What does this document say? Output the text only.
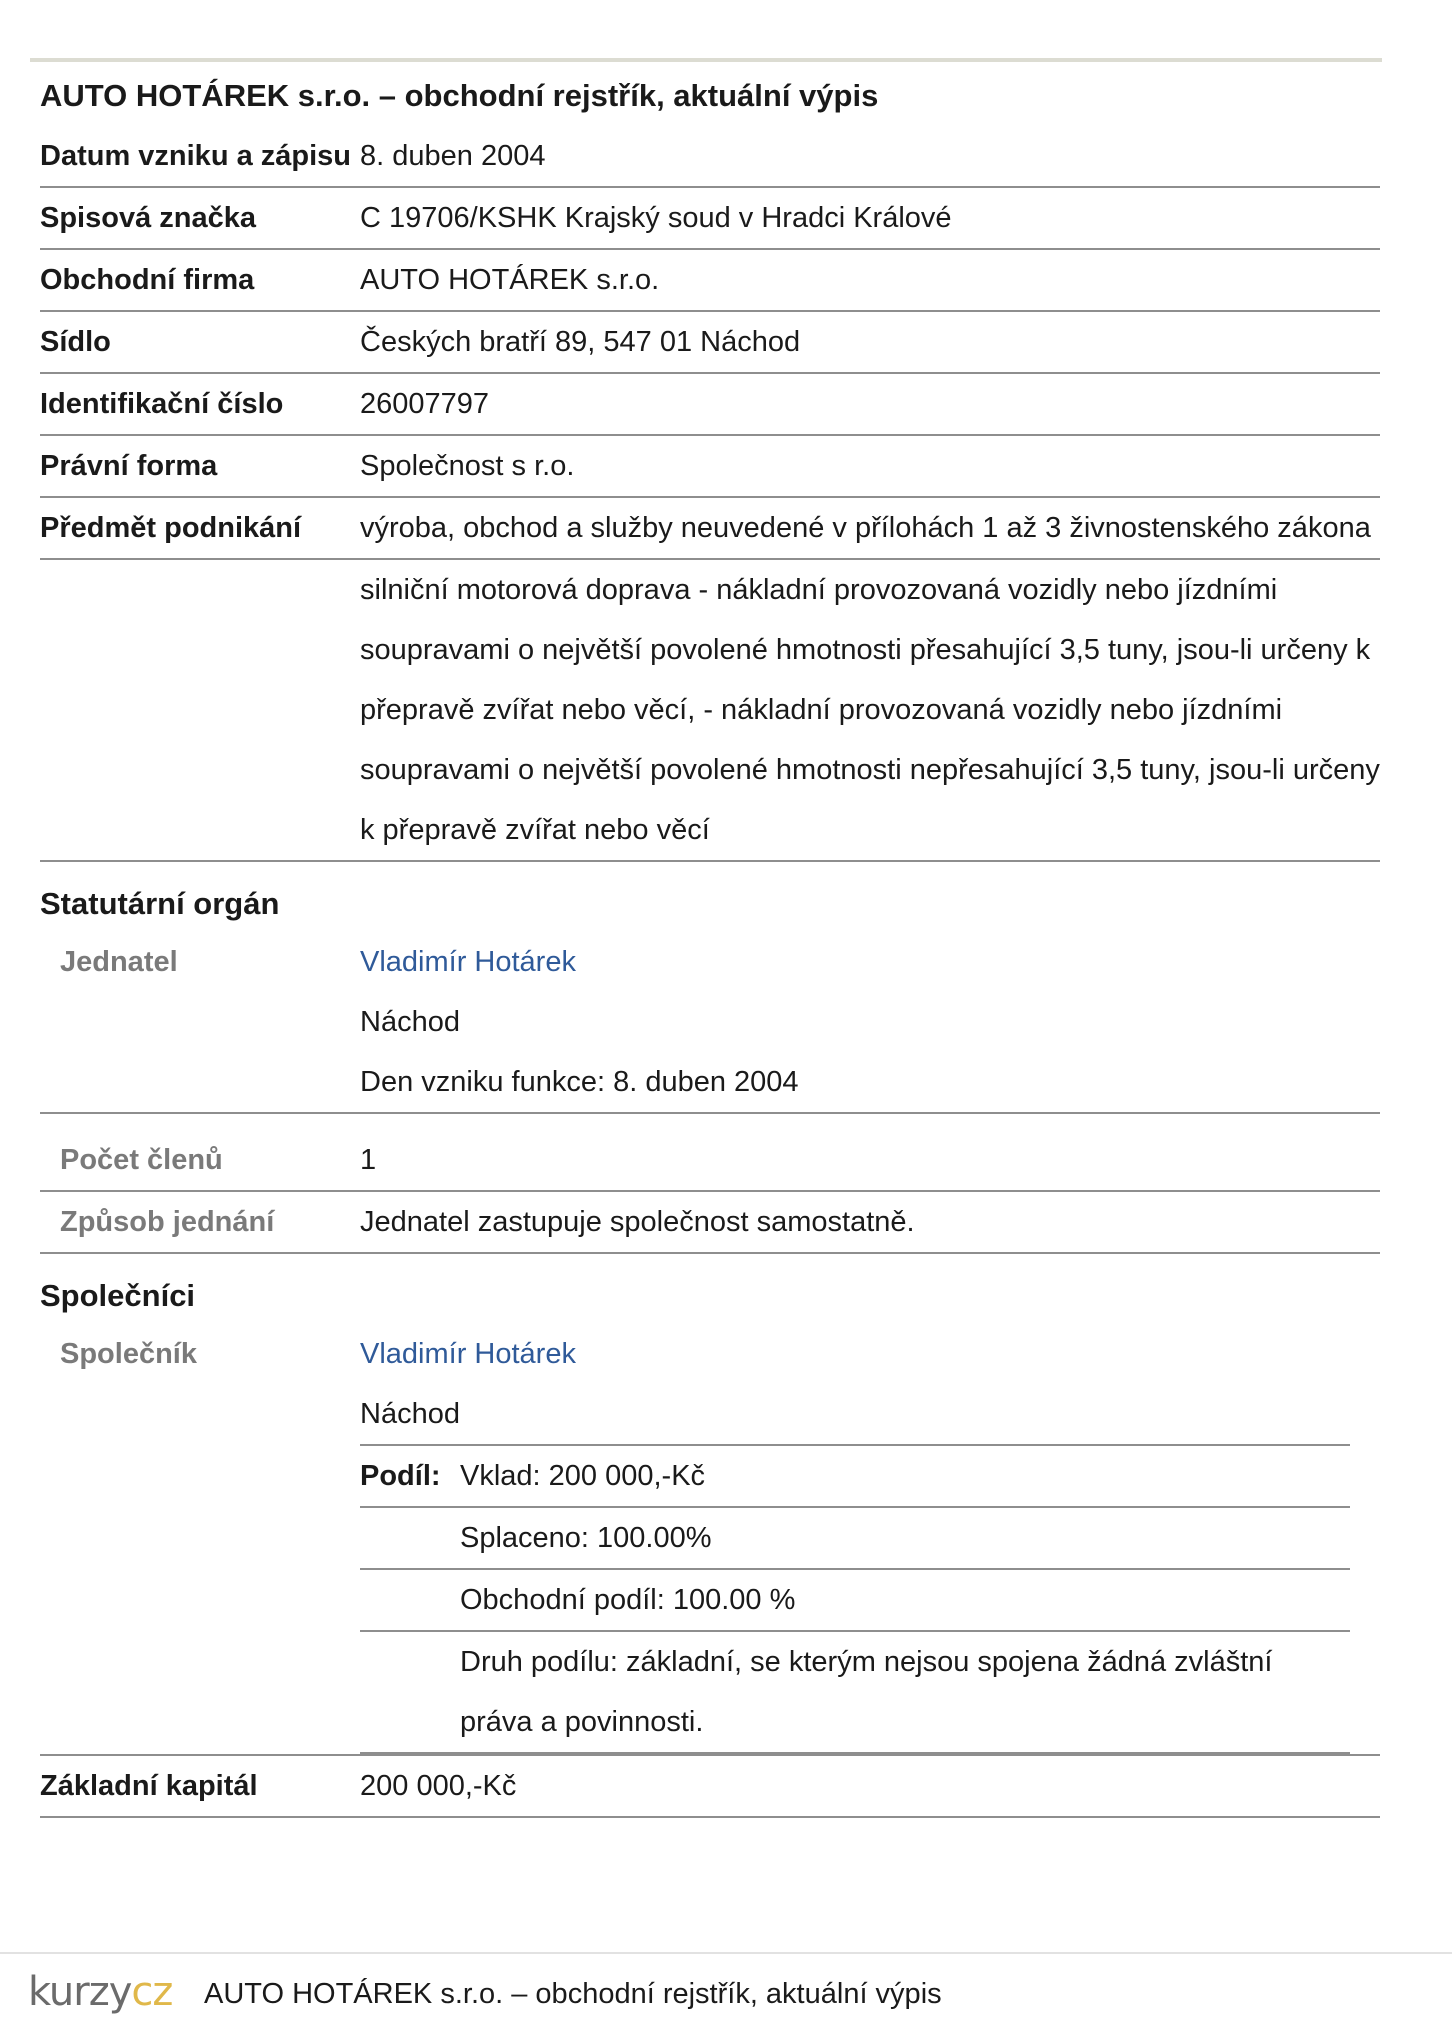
AUTO HOTÁREK s.r.o. – obchodní rejstřík, aktuální výpis
Datum vzniku a zápisu	8. duben 2004
Spisová značka	C 19706/KSHK Krajský soud v Hradci Králové
Obchodní firma	AUTO HOTÁREK s.r.o.
Sídlo	Českých bratří 89, 547 01 Náchod
Identifikační číslo	26007797
Právní forma	Společnost s r.o.
Předmět podnikání	výroba, obchod a služby neuvedené v přílohách 1 až 3 živnostenského zákona
	silniční motorová doprava - nákladní provozovaná vozidly nebo jízdními soupravami o největší povolené hmotnosti přesahující 3,5 tuny, jsou-li určeny k přepravě zvířat nebo věcí, - nákladní provozovaná vozidly nebo jízdními soupravami o největší povolené hmotnosti nepřesahující 3,5 tuny, jsou-li určeny k přepravě zvířat nebo věcí
Statutární orgán
Jednatel	Vladimír Hotárek
	Náchod
	Den vzniku funkce: 8. duben 2004

Počet členů	1
Způsob jednání	Jednatel zastupuje společnost samostatně.
Společníci
Společník	Vladimír Hotárek
	Náchod

Podíl:	Vklad: 200 000,-Kč
	Splaceno: 100.00%
	Obchodní podíl: 100.00 %
	Druh podílu: základní, se kterým nejsou spojena žádná zvláštní práva a povinnosti.

Základní kapitál	200 000,-Kč
kurzy cz AUTO HOTÁREK s.r.o. – obchodní rejstřík, aktuální výpis
